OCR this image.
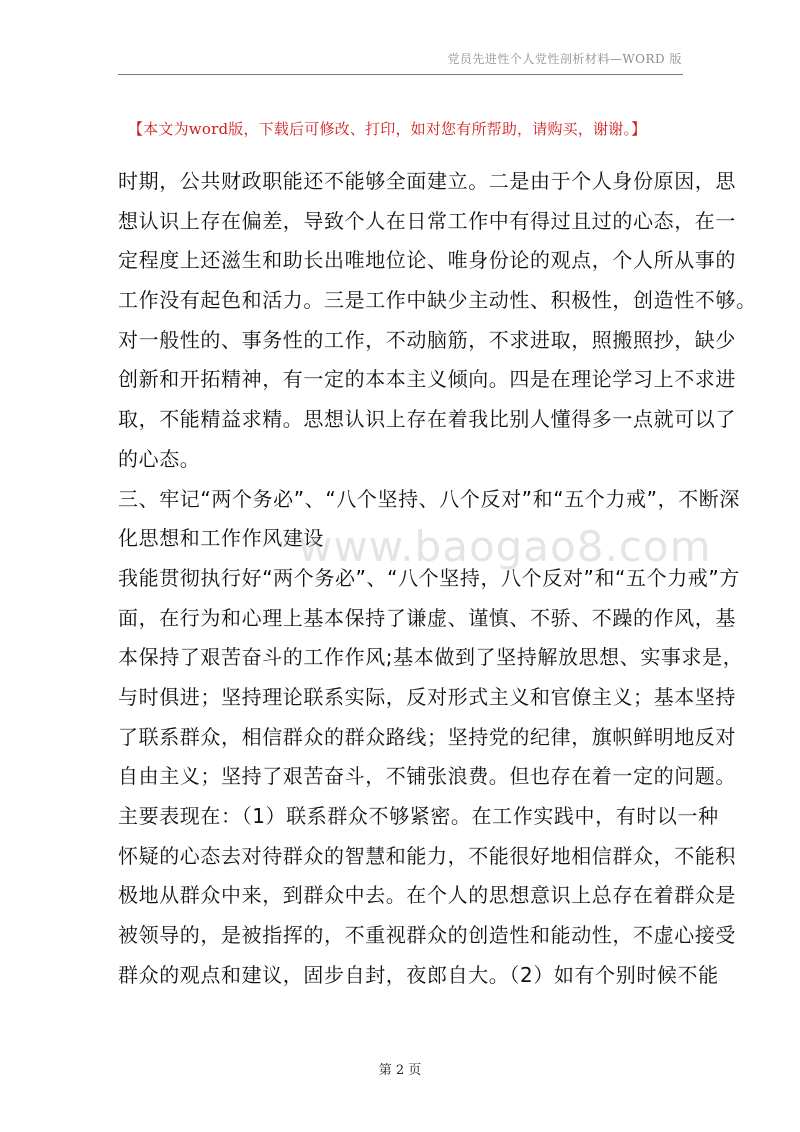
党员先进性个人党性剖析材料—WORD 版
【本文为word版，下载后可修改、打印，如对您有所帮助，请购买，谢谢。】
时期，公共财政职能还不能够全面建立。二是由于个人身份原因，思
想认识上存在偏差，导致个人在日常工作中有得过且过的心态，在一
定程度上还滋生和助长出唯地位论、唯身份论的观点，个人所从事的
工作没有起色和活力。三是工作中缺少主动性、积极性，创造性不够。
对一般性的、事务性的工作，不动脑筋，不求进取，照搬照抄，缺少
创新和开拓精神，有一定的本本主义倾向。四是在理论学习上不求进
取，不能精益求精。思想认识上存在着我比别人懂得多一点就可以了
的心态。
三、牢记“两个务必”、“八个坚持、八个反对”和“五个力戒”，不断深
化思想和工作作风建设
我能贯彻执行好“两个务必”、“八个坚持，八个反对”和“五个力戒”方
面，在行为和心理上基本保持了谦虚、谨慎、不骄、不躁的作风，基
本保持了艰苦奋斗的工作作风;基本做到了坚持解放思想、实事求是，
与时俱进；坚持理论联系实际，反对形式主义和官僚主义；基本坚持
了联系群众，相信群众的群众路线；坚持党的纪律，旗帜鲜明地反对
自由主义；坚持了艰苦奋斗，不铺张浪费。但也存在着一定的问题。
主要表现在：（1）联系群众不够紧密。在工作实践中，有时以一种
怀疑的心态去对待群众的智慧和能力，不能很好地相信群众，不能积
极地从群众中来，到群众中去。在个人的思想意识上总存在着群众是
被领导的，是被指挥的，不重视群众的创造性和能动性，不虚心接受
群众的观点和建议，固步自封，夜郎自大。（2）如有个别时候不能
www.baogao8.com
第 2 页
